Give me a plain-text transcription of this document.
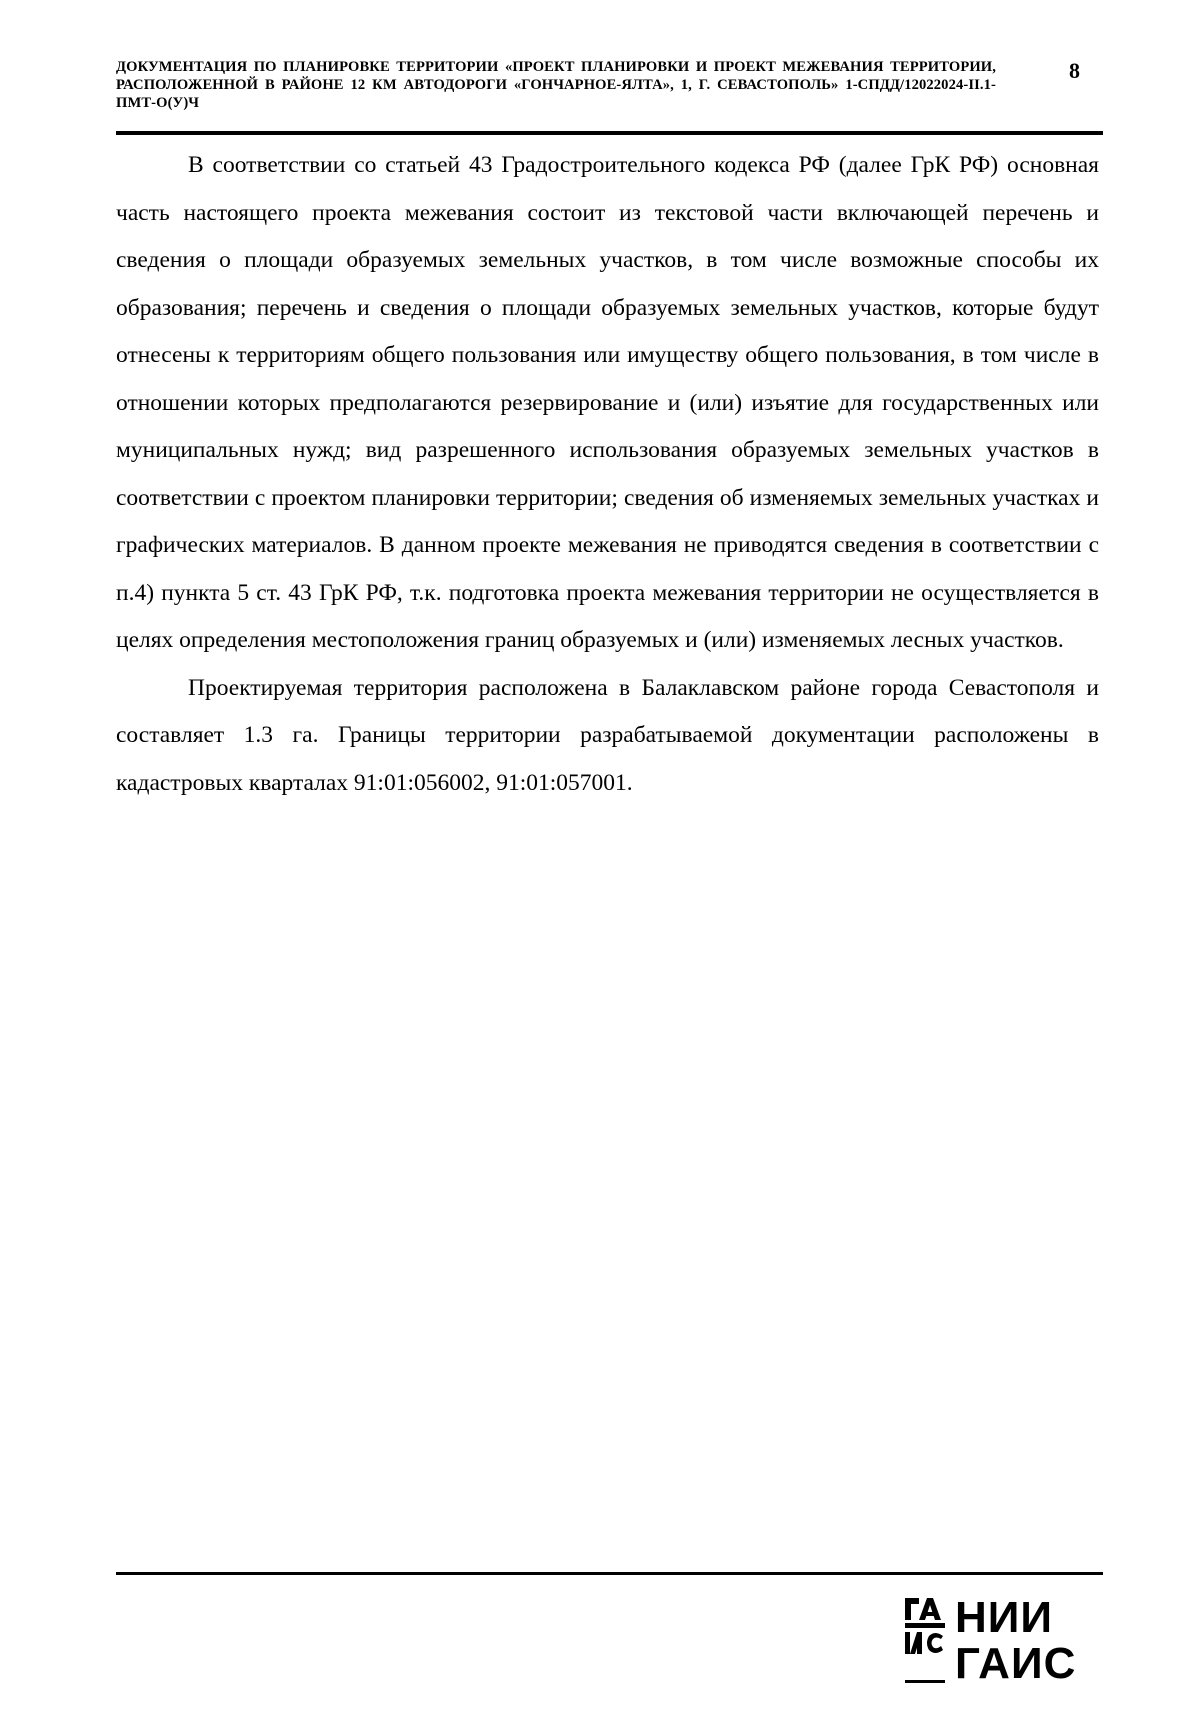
ДОКУМЕНТАЦИЯ ПО ПЛАНИРОВКЕ ТЕРРИТОРИИ «ПРОЕКТ ПЛАНИРОВКИ И ПРОЕКТ МЕЖЕВАНИЯ ТЕРРИТОРИИ, РАСПОЛОЖЕННОЙ В РАЙОНЕ 12 КМ АВТОДОРОГИ «ГОНЧАРНОЕ-ЯЛТА», 1, Г. СЕВАСТОПОЛЬ» 1-СПДД/12022024-II.1-ПМТ-О(У)Ч
8

В соответствии со статьей 43 Градостроительного кодекса РФ (далее ГрК РФ) основная часть настоящего проекта межевания состоит из текстовой части включающей перечень и сведения о площади образуемых земельных участков, в том числе возможные способы их образования; перечень и сведения о площади образуемых земельных участков, которые будут отнесены к территориям общего пользования или имуществу общего пользования, в том числе в отношении которых предполагаются резервирование и (или) изъятие для государственных или муниципальных нужд; вид разрешенного использования образуемых земельных участков в соответствии с проектом планировки территории; сведения об изменяемых земельных участках и графических материалов. В данном проекте межевания не приводятся сведения в соответствии с п.4) пункта 5 ст. 43 ГрК РФ, т.к. подготовка проекта межевания территории не осуществляется в целях определения местоположения границ образуемых и (или) изменяемых лесных участков.

Проектируемая территория расположена в Балаклавском районе города Севастополя и составляет 1.3 га. Границы территории разрабатываемой документации расположены в кадастровых кварталах 91:01:056002, 91:01:057001.

НИИ
ГАИС
